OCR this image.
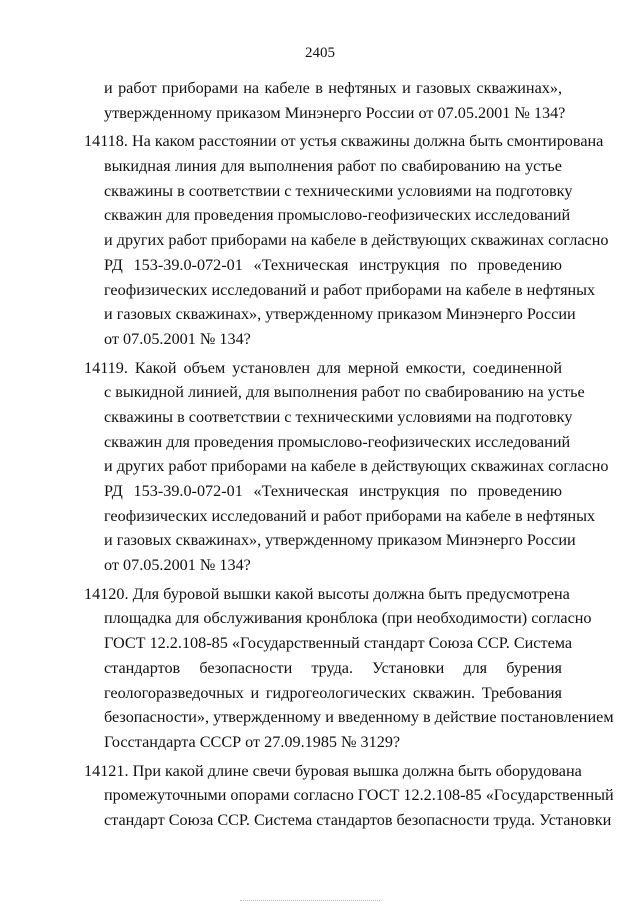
2405
и работ приборами на кабеле в нефтяных и газовых скважинах»,
утвержденному приказом Минэнерго России от 07.05.2001 № 134?
14118. На каком расстоянии от устья скважины должна быть смонтирована
выкидная линия для выполнения работ по свабированию на устье
скважины в соответствии с техническими условиями на подготовку
скважин для проведения промыслово-геофизических исследований
и других работ приборами на кабеле в действующих скважинах согласно
РД 153-39.0-072-01 «Техническая инструкция по проведению
геофизических исследований и работ приборами на кабеле в нефтяных
и газовых скважинах», утвержденному приказом Минэнерго России
от 07.05.2001 № 134?
14119. Какой объем установлен для мерной емкости, соединенной
с выкидной линией, для выполнения работ по свабированию на устье
скважины в соответствии с техническими условиями на подготовку
скважин для проведения промыслово-геофизических исследований
и других работ приборами на кабеле в действующих скважинах согласно
РД 153-39.0-072-01 «Техническая инструкция по проведению
геофизических исследований и работ приборами на кабеле в нефтяных
и газовых скважинах», утвержденному приказом Минэнерго России
от 07.05.2001 № 134?
14120. Для буровой вышки какой высоты должна быть предусмотрена
площадка для обслуживания кронблока (при необходимости) согласно
ГОСТ 12.2.108-85 «Государственный стандарт Союза ССР. Система
стандартов безопасности труда. Установки для бурения
геологоразведочных и гидрогеологических скважин. Требования
безопасности», утвержденному и введенному в действие постановлением
Госстандарта СССР от 27.09.1985 № 3129?
14121. При какой длине свечи буровая вышка должна быть оборудована
промежуточными опорами согласно ГОСТ 12.2.108-85 «Государственный
стандарт Союза ССР. Система стандартов безопасности труда. Установки
